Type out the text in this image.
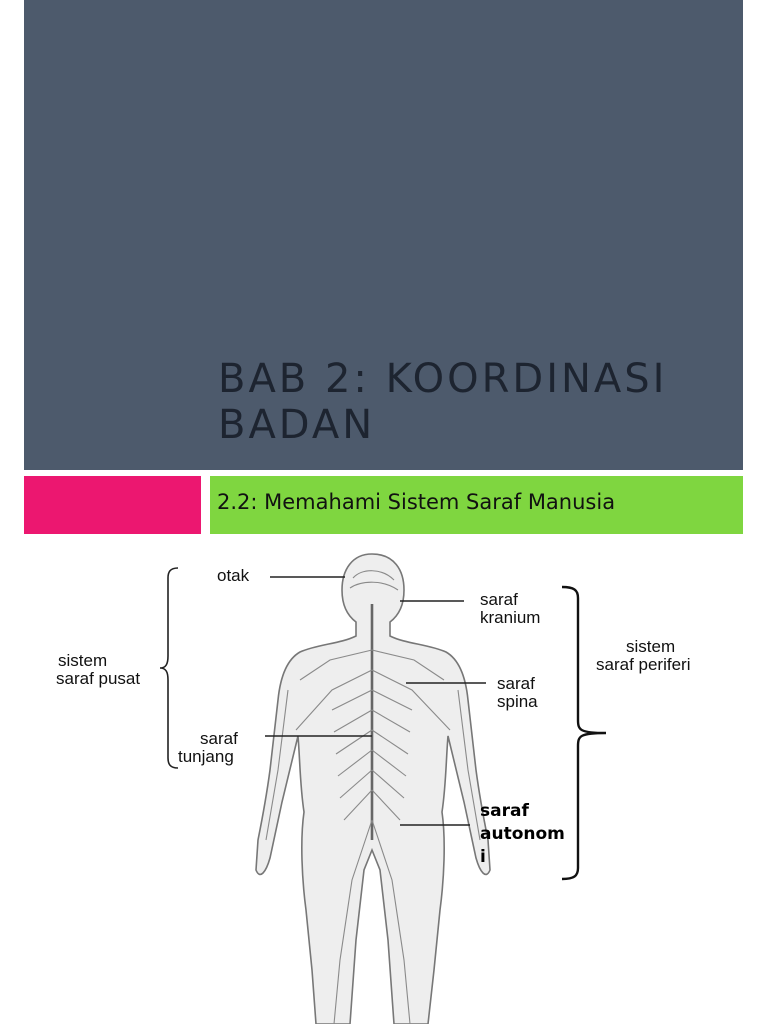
BAB 2: KOORDINASI
BADAN
2.2: Memahami Sistem Saraf Manusia
otak
sistem
saraf pusat
saraf
tunjang
saraf
kranium
saraf
spina
sistem
saraf periferi
saraf
autonom
i
